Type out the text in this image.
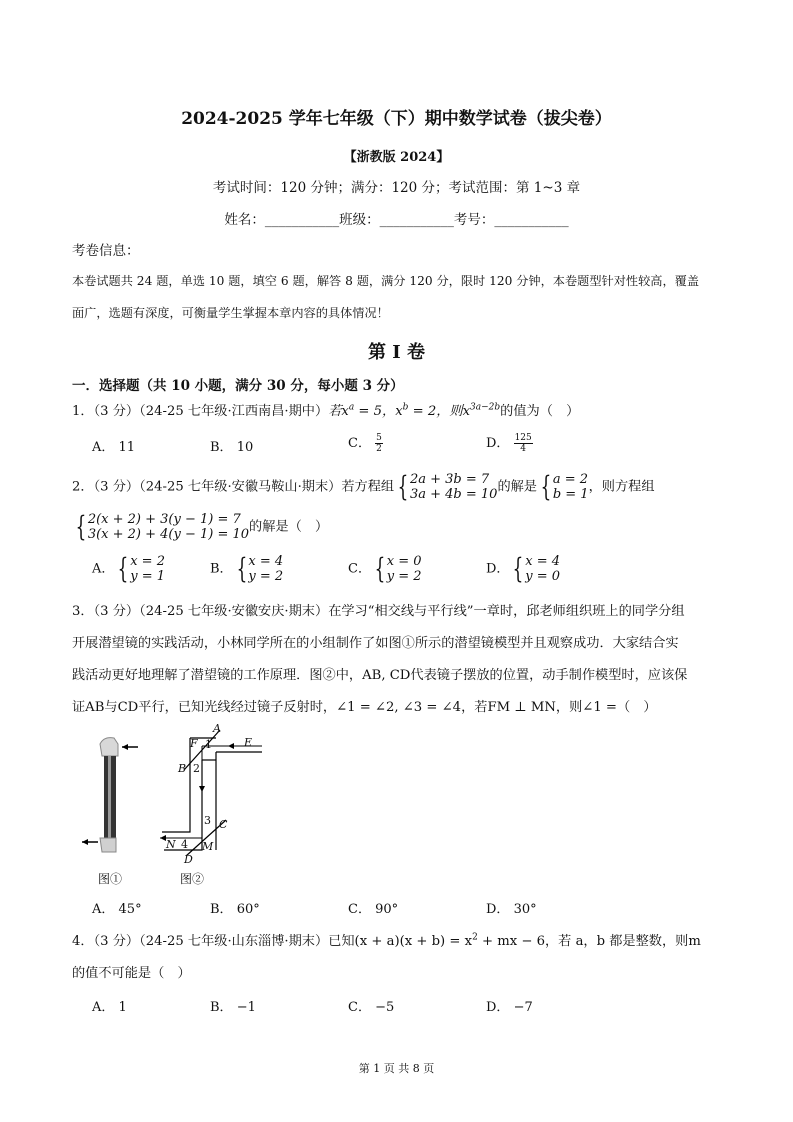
2024-2025 学年七年级（下）期中数学试卷（拔尖卷）
【浙教版 2024】
考试时间：120 分钟；满分：120 分；考试范围：第 1~3 章
姓名：___________班级：___________考号：___________
考卷信息：
本卷试题共 24 题，单选 10 题，填空 6 题，解答 8 题，满分 120 分，限时 120 分钟，本卷题型针对性较高，覆盖
面广，选题有深度，可衡量学生掌握本章内容的具体情况！
第 I 卷
一．选择题（共 10 小题，满分 30 分，每小题 3 分）
1．（3 分）（24-25 七年级·江西南昌·期中）若$x^a = 5$，$x^b = 2$，则$x^{3a-2b}$的值为（　）
A． 11	B． 10	C． $\frac{5}{2}$	D． $\frac{125}{4}$
2．（3 分）（24-25 七年级·安徽马鞍山·期末）若方程组 { 2a + 3b = 7
3a + 4b = 10 的解是 { a = 2
b = 1 ，则方程组
{ 2(x + 2) + 3(y − 1) = 7
3(x + 2) + 4(y − 1) = 10 的解是（　）
A． { x = 2
y = 1	B． { x = 4
y = 2	C． { x = 0
y = 2	D． { x = 4
y = 0
3．（3 分）（24-25 七年级·安徽安庆·期末）在学习“相交线与平行线”一章时，邱老师组织班上的同学分组
开展潜望镜的实践活动，小林同学所在的小组制作了如图①所示的潜望镜模型并且观察成功．大家结合实
践活动更好地理解了潜望镜的工作原理．图②中，AB, CD代表镜子摆放的位置，动手制作模型时，应该保
证AB与CD平行，已知光线经过镜子反射时，∠1 = ∠2, ∠3 = ∠4，若FM ⊥ MN，则∠1 =（　）
图①
A
F 1	E
B 2
3 C
N 4 M
D
图②
A． 45°	B． 60°	C． 90°	D． 30°
4．（3 分）（24-25 七年级·山东淄博·期末）已知$(x + a)(x + b) = x^2$ + mx − 6，若 a，b 都是整数，则m
的值不可能是（　）
A． 1	B． −1	C． −5	D． −7
第 1 页 共 8 页
